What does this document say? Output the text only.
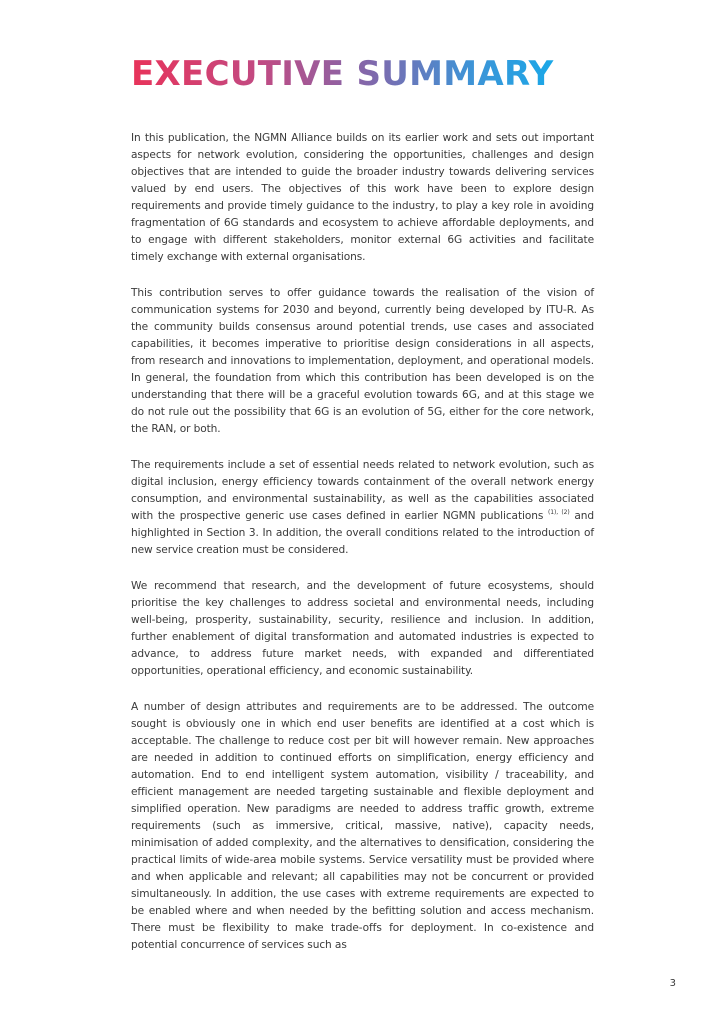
EXECUTIVE SUMMARY

In this publication, the NGMN Alliance builds on its earlier work and sets out important aspects for network evolution, considering the opportunities, challenges and design objectives that are intended to guide the broader industry towards delivering services valued by end users. The objectives of this work have been to explore design requirements and provide timely guidance to the industry, to play a key role in avoiding fragmentation of 6G standards and ecosystem to achieve affordable deployments, and to engage with different stakeholders, monitor external 6G activities and facilitate timely exchange with external organisations.

This contribution serves to offer guidance towards the realisation of the vision of communication systems for 2030 and beyond, currently being developed by ITU-R. As the community builds consensus around potential trends, use cases and associated capabilities, it becomes imperative to prioritise design considerations in all aspects, from research and innovations to implementation, deployment, and operational models. In general, the foundation from which this contribution has been developed is on the understanding that there will be a graceful evolution towards 6G, and at this stage we do not rule out the possibility that 6G is an evolution of 5G, either for the core network, the RAN, or both.

The requirements include a set of essential needs related to network evolution, such as digital inclusion, energy efficiency towards containment of the overall network energy consumption, and environmental sustainability, as well as the capabilities associated with the prospective generic use cases defined in earlier NGMN publications $^{(1), (2)}$ and highlighted in Section 3. In addition, the overall conditions related to the introduction of new service creation must be considered.

We recommend that research, and the development of future ecosystems, should prioritise the key challenges to address societal and environmental needs, including well-being, prosperity, sustainability, security, resilience and inclusion. In addition, further enablement of digital transformation and automated industries is expected to advance, to address future market needs, with expanded and differentiated opportunities, operational efficiency, and economic sustainability.

A number of design attributes and requirements are to be addressed. The outcome sought is obviously one in which end user benefits are identified at a cost which is acceptable. The challenge to reduce cost per bit will however remain. New approaches are needed in addition to continued efforts on simplification, energy efficiency and automation. End to end intelligent system automation, visibility / traceability, and efficient management are needed targeting sustainable and flexible deployment and simplified operation. New paradigms are needed to address traffic growth, extreme requirements (such as immersive, critical, massive, native), capacity needs, minimisation of added complexity, and the alternatives to densification, considering the practical limits of wide-area mobile systems. Service versatility must be provided where and when applicable and relevant; all capabilities may not be concurrent or provided simultaneously. In addition, the use cases with extreme requirements are expected to be enabled where and when needed by the befitting solution and access mechanism. There must be flexibility to make trade-offs for deployment. In co-existence and potential concurrence of services such as

3
